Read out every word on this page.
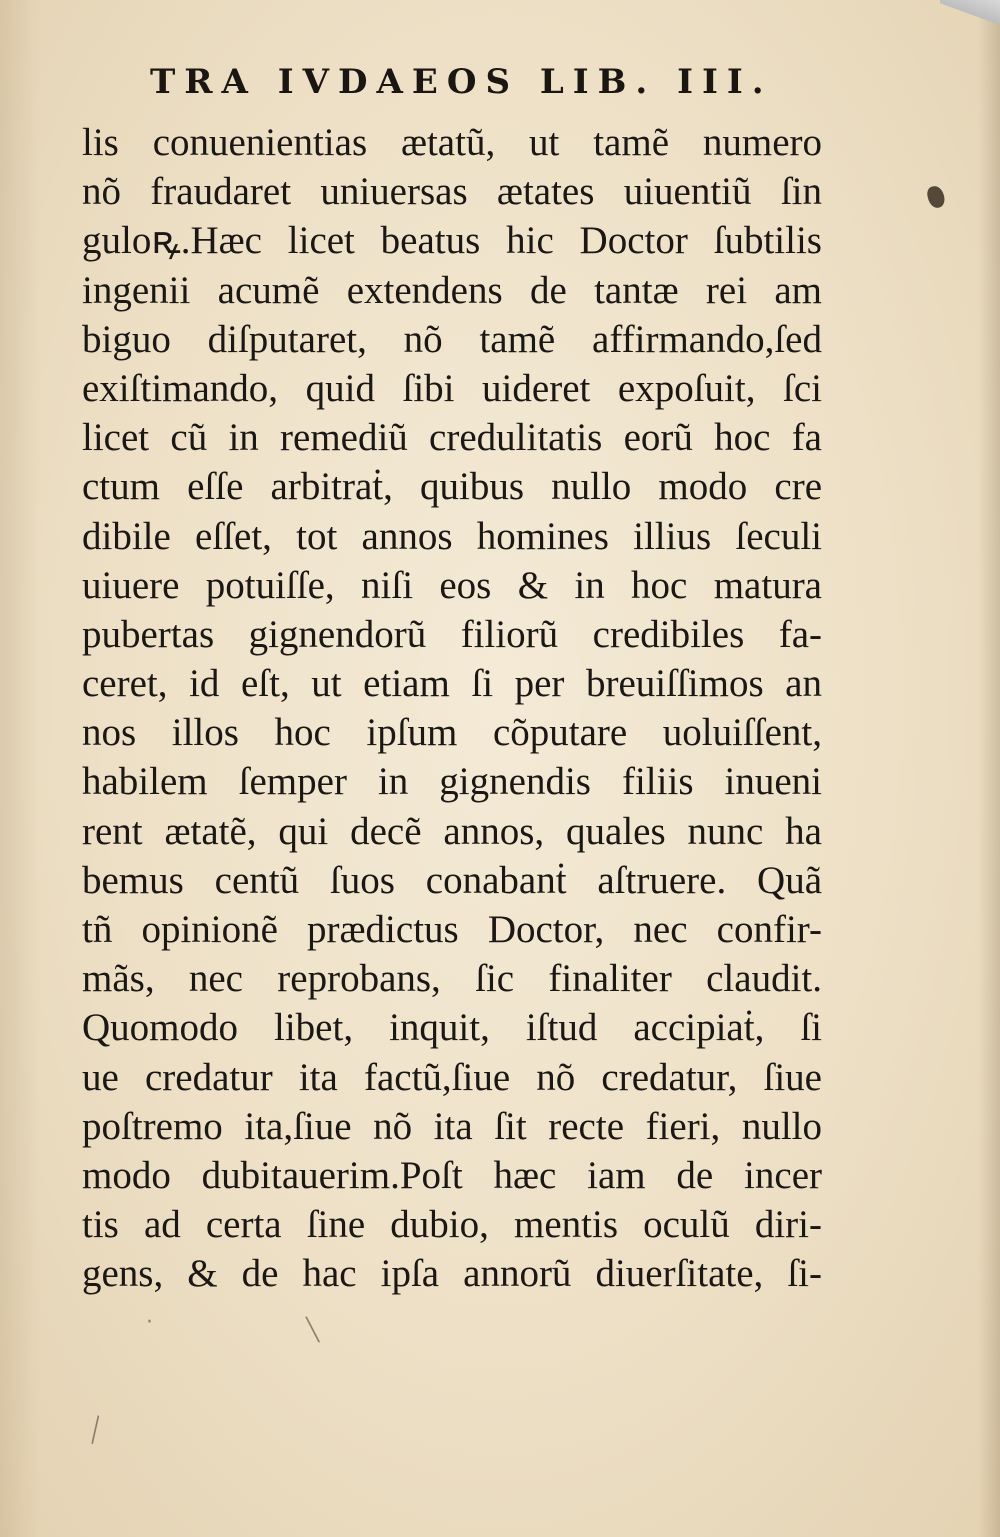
TRA IVDAEOS LIB. III.
lis conuenientias ætatũ, ut tamẽ numero
nõ fraudaret uniuersas ætates uiuentiũ ſin
guloꝶ.Hæc licet beatus hic Doctor ſubtilis
ingenii acumẽ extendens de tantæ rei am
biguo diſputaret, nõ tamẽ affirmando,ſed
exiſtimando, quid ſibi uideret expoſuit, ſci
licet cũ in remediũ credulitatis eorũ hoc fa
ctum eſſe arbitraṫ, quibus nullo modo cre
dibile eſſet, tot annos homines illius ſeculi
uiuere potuiſſe, niſi eos & in hoc matura
pubertas gignendorũ filiorũ credibiles fa-
ceret, id eſt, ut etiam ſi per breuiſſimos an
nos illos hoc ipſum cõputare uoluiſſent,
habilem ſemper in gignendis filiis inueni
rent ætatẽ, qui decẽ annos, quales nunc ha
bemus centũ ſuos conabanṫ aſtruere. Quã
tñ opinionẽ prædictus Doctor, nec confir-
mãs, nec reprobans, ſic finaliter claudit.
Quomodo libet, inquit, iſtud accipiaṫ, ſi
ue credatur ita factũ,ſiue nõ credatur, ſiue
poſtremo ita,ſiue nõ ita ſit recte fieri, nullo
modo dubitauerim.Poſt hæc iam de incer
tis ad certa ſine dubio, mentis oculũ diri-
gens, & de hac ipſa annorũ diuerſitate, ſi-
╲
·	╲
